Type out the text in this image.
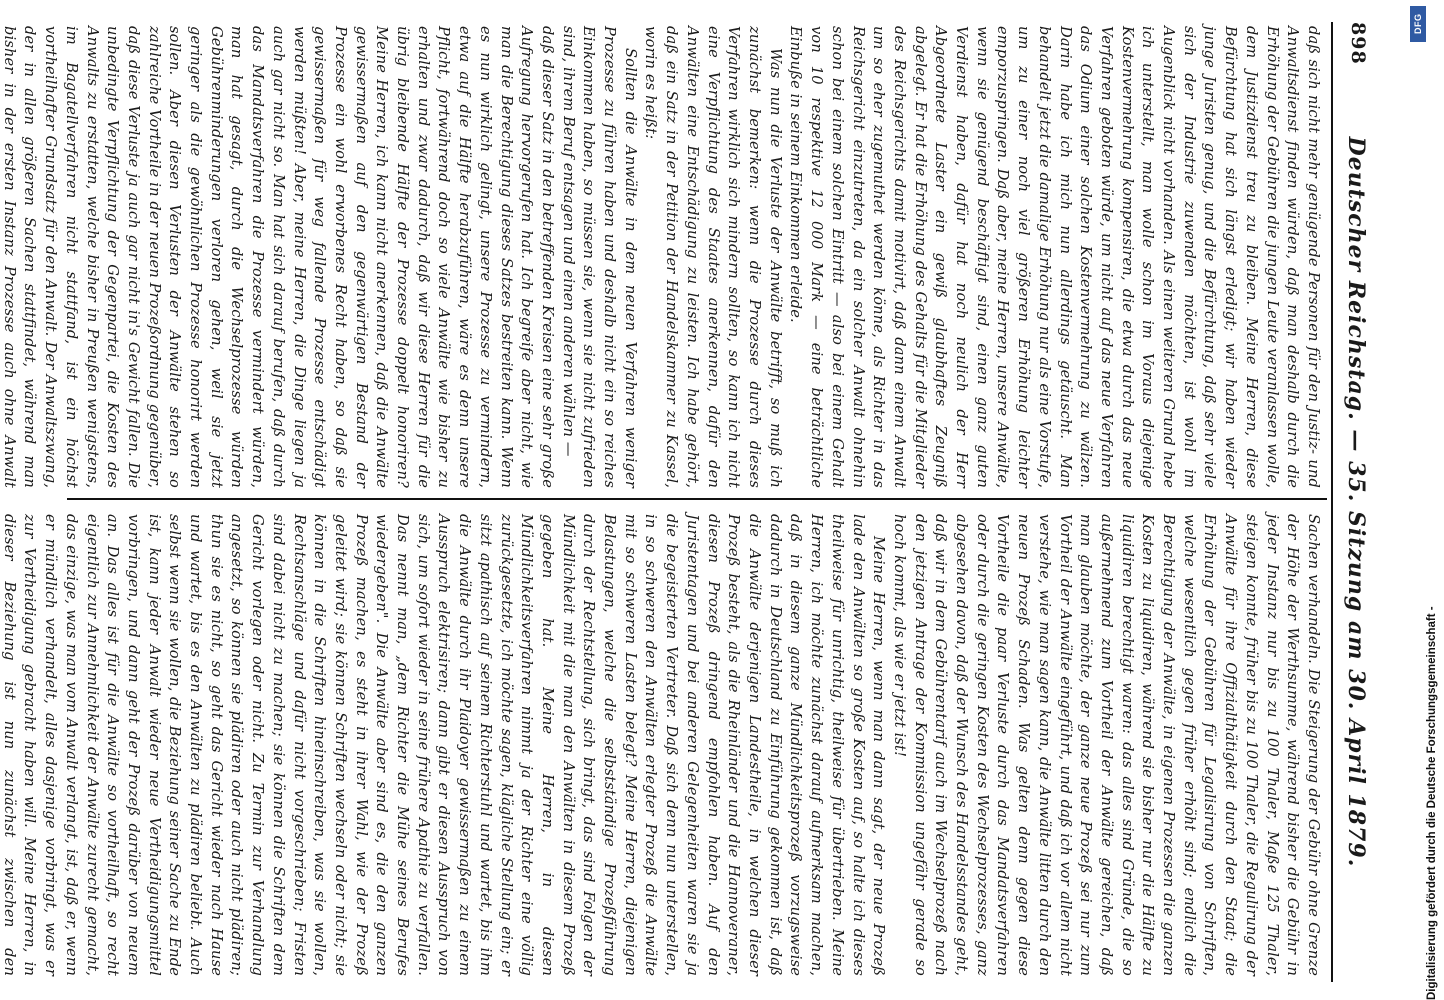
898
Deutscher Reichstag. — 35. Sitzung am 30. April 1879.

daß sich nicht mehr genügende Personen für den Justiz- und Anwaltsdienst finden würden, daß man deshalb durch die Erhöhung der Gebühren die jungen Leute veranlassen wolle, dem Justizdienst treu zu bleiben. Meine Herren, diese Befürchtung hat sich längst erledigt; wir haben wieder junge Juristen genug, und die Befürchtung, daß sehr viele sich der Industrie zuwenden möchten, ist wohl im Augenblick nicht vorhanden. Als einen weiteren Grund hebe ich unterstellt, man wolle schon im Voraus diejenige Kostenvermehrung kompensiren, die etwa durch das neue Verfahren geboten würde, um nicht auf das neue Verfahren das Odium einer solchen Kostenvermehrung zu wälzen. Darin habe ich mich nun allerdings getäuscht. Man behandelt jetzt die damalige Erhöhung nur als eine Vorstufe, um zu einer noch viel größeren Erhöhung leichter emporzuspringen. Daß aber, meine Herren, unsere Anwälte, wenn sie genügend beschäftigt sind, einen ganz guten Verdienst haben, dafür hat noch neulich der Herr Abgeordnete Laster ein gewiß glaubhaftes Zeugniß abgelegt. Er hat die Erhöhung des Gehalts für die Mitglieder des Reichsgerichts damit motivirt, daß dann einem Anwalt um so eher zugemuthet werden könne, als Richter in das Reichsgericht einzutreten, da ein solcher Anwalt ohnehin schon bei einem solchen Eintritt — also bei einem Gehalt von 10 respektive 12 000 Mark — eine beträchtliche Einbuße in seinem Einkommen erleide.

Was nun die Verluste der Anwälte betrifft, so muß ich zunächst bemerken: wenn die Prozesse durch dieses Verfahren wirklich sich mindern sollten, so kann ich nicht eine Verpflichtung des Staates anerkennen, dafür den Anwälten eine Entschädigung zu leisten. Ich habe gehört, daß ein Satz in der Petition der Handelskammer zu Kassel, worin es heißt:

Sollten die Anwälte in dem neuen Verfahren weniger Prozesse zu führen haben und deshalb nicht ein so reiches Einkommen haben, so müssen sie, wenn sie nicht zufrieden sind, ihrem Beruf entsagen und einen anderen wählen —

daß dieser Satz in den betreffenden Kreisen eine sehr große Aufregung hervorgerufen hat. Ich begreife aber nicht, wie man die Berechtigung dieses Satzes bestreiten kann. Wenn es nun wirklich gelingt, unsere Prozesse zu vermindern, etwa auf die Hälfte herabzuführen, wäre es denn unsere Pflicht, fortwährend doch so viele Anwälte wie bisher zu erhalten und zwar dadurch, daß wir diese Herren für die übrig bleibende Hälfte der Prozesse doppelt honoriren? Meine Herren, ich kann nicht anerkennen, daß die Anwälte gewissermaßen auf den gegenwärtigen Bestand der Prozesse ein wohl erworbenes Recht haben, so daß sie gewissermaßen für weg fallende Prozesse entschädigt werden müßten! Aber, meine Herren, die Dinge liegen ja auch gar nicht so. Man hat sich darauf berufen, daß durch das Mandatsverfahren die Prozesse vermindert würden, man hat gesagt, durch die Wechselprozesse würden Gebührenminderungen verloren gehen, weil sie jetzt geringer als die gewöhnlichen Prozesse honorirt werden sollen. Aber diesen Verlusten der Anwälte stehen so zahlreiche Vortheile in der neuen Prozeßordnung gegenüber, daß diese Verluste ja auch gar nicht in's Gewicht fallen. Die unbedingte Verpflichtung der Gegenpartei, die Kosten des Anwalts zu erstatten, welche bisher in Preußen wenigstens, im Bagatellverfahren nicht stattfand, ist ein höchst vortheilhafter Grundsatz für den Anwalt. Der Anwaltszwang, der in allen größeren Sachen stattfindet, während man bisher in der ersten Instanz Prozesse auch ohne Anwalt

Sachen verhandeln. Die Steigerung der Gebühr ohne Grenze der Höhe der Werthsumme, während bisher die Gebühr in jeder Instanz nur bis zu 100 Thaler, Maße 125 Thaler, steigen konnte, früher bis zu 100 Thaler, die Regulirung der Anwälte für ihre Offizialthätigkeit durch den Staat; die Erhöhung der Gebühren für Legalisirung von Schriften, welche wesentlich gegen früher erhöht sind; endlich die Berechtigung der Anwälte, in eigenen Prozessen die ganzen Kosten zu liquidiren, während sie bisher nur die Hälfte zu liquidiren berechtigt waren: das alles sind Gründe, die so außernehmend zum Vortheil der Anwälte gereichen, daß man glauben möchte, der ganze neue Prozeß sei nur zum Vortheil der Anwälte eingeführt, und daß ich vor allem nicht verstehe, wie man sagen kann, die Anwälte litten durch den neuen Prozeß Schaden. Was gelten denn gegen diese Vortheile die paar Verluste durch das Mandatsverfahren oder durch die geringen Kosten des Wechselprozesses, ganz abgesehen davon, daß der Wunsch des Handelsstandes geht, daß wir in dem Gebührentarif auch im Wechselprozeß nach den jetzigen Antrage der Kommission ungefähr gerade so hoch kommt, als wie er jetzt ist!

Meine Herren, wenn man dann sagt, der neue Prozeß lade den Anwälten so große Kosten auf, so halte ich dieses theilweise für unrichtig, theilweise für übertrieben. Meine Herren, ich möchte zunächst darauf aufmerksam machen, daß in diesem ganze Mündlichkeitsprozeß vorzugsweise dadurch in Deutschland zu Einführung gekommen ist, daß die Anwälte derjenigen Landestheile, in welchen dieser Prozeß besteht, als die Rheinländer und die Hannoveraner, diesen Prozeß dringend empfohlen haben. Auf den Juristentagen und bei anderen Gelegenheiten waren sie ja die begeisterten Vertreter. Daß sich denn nun unterstellen, in so schweren den Anwälten erlegter Prozeß die Anwälte mit so schweren Lasten belegt? Meine Herren, diejenigen Belastungen, welche die selbstständige Prozeßführung durch der Rechtstellung, sich bringt, das sind Folgen der Mündlichkeit mit die man den Anwälten in diesem Prozeß gegeben hat. Meine Herren, in diesen Mündlichkeitsverfahren nimmt ja der Richter eine völlig zurückgesetzte, ich möchte sagen, klägliche Stellung ein; er sitzt apathisch auf seinem Richterstuhl und wartet, bis ihm die Anwälte durch ihr Plaidoyer gewissermaßen zu einem Ausspruch elektrisiren; dann gibt er diesen Ausspruch von sich, um sofort wieder in seine frühere Apathie zu verfallen. Das nennt man, „dem Richter die Mühe seines Berufes wiedergeben". Die Anwälte aber sind es, die den ganzen Prozeß machen, es steht in ihrer Wahl, wie der Prozeß geleitet wird; sie können Schriften wechseln oder nicht; sie können in die Schriften hineinschreiben, was sie wollen, Rechtsanschläge und dafür nicht vorgeschrieben; Fristen sind dabei nicht zu machen; sie können die Schriften dem Gericht vorlegen oder nicht. Zu Termin zur Verhandlung angesetzt, so können sie plädiren oder auch nicht plädiren; thun sie es nicht, so geht das Gericht wieder nach Hause und wartet, bis es den Anwälten zu plädiren beliebt. Auch selbst wenn sie wollen, die Beziehung seiner Sache zu Ende ist, kann jeder Anwalt wieder neue Vertheidigungsmittel vorbringen, und dann geht der Prozeß darüber von neuem an. Das alles ist für die Anwälte so vortheilhaft, so recht eigentlich zur Annehmlichkeit der Anwälte zurecht gemacht, das einzige, was man vom Anwalt verlangt, ist, daß er, wenn er mündlich verhandelt, alles dasjenige vorbringt, was er zur Vertheidigung gebracht haben will. Meine Herren, in dieser Beziehung ist nun zunächst zwischen den

DFG
Digitalisierung gefördert durch die Deutsche Forschungsgemeinschaft -
